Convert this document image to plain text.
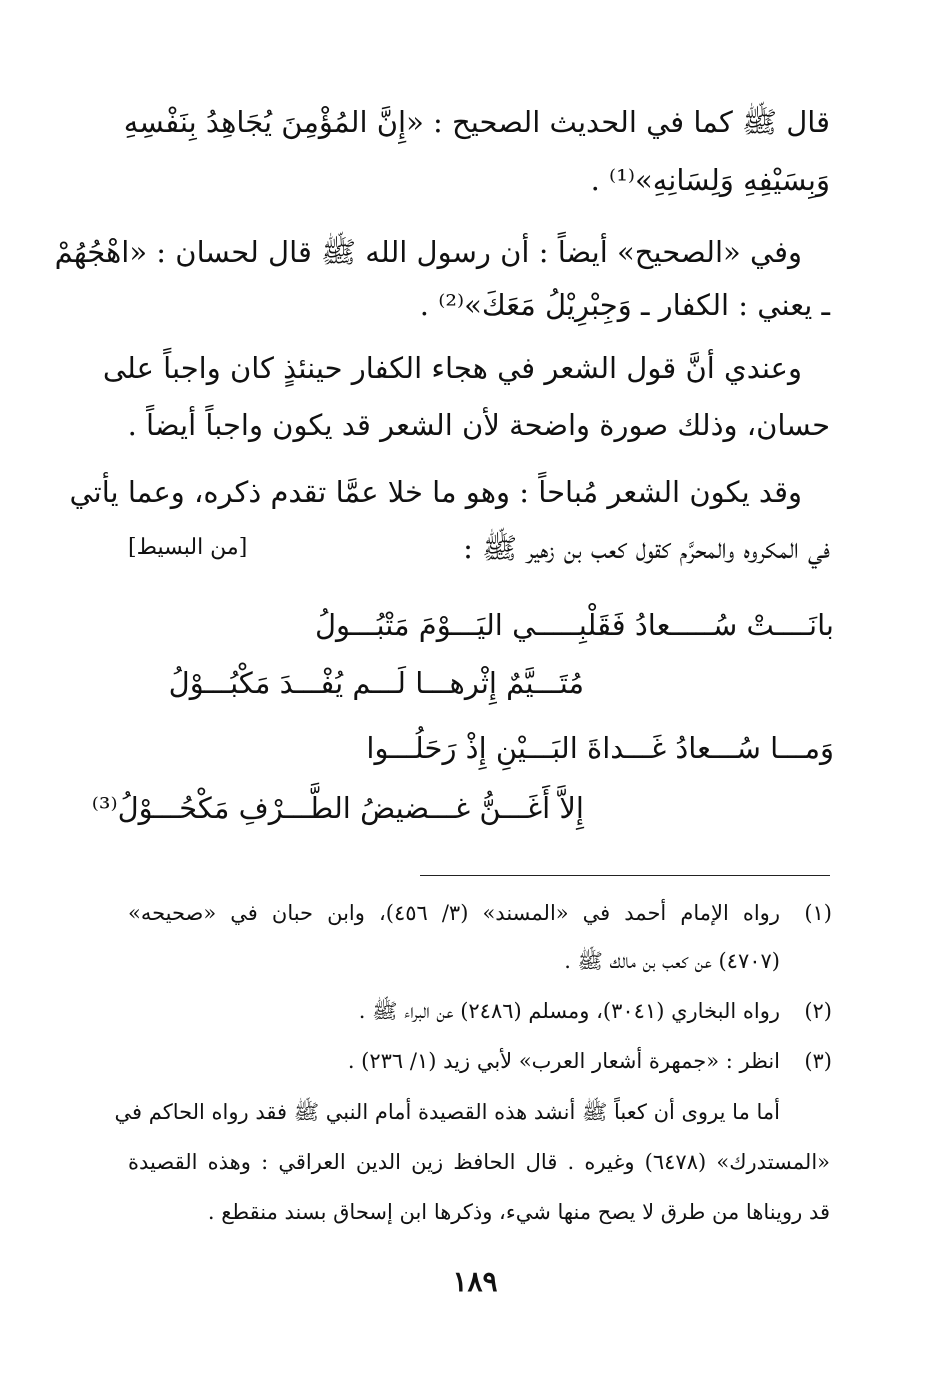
قال ﷺ كما في الحديث الصحيح : «إِنَّ المُؤْمِنَ يُجَاهِدُ بِنَفْسِهِ
وَبِسَيْفِهِ وَلِسَانِهِ»⁽¹⁾ .
وفي «الصحيح» أيضاً : أن رسول الله ﷺ قال لحسان : «اهْجُهُمْ
ـ يعني : الكفار ـ وَجِبْرِيْلُ مَعَكَ»⁽²⁾ .
وعندي أنَّ قول الشعر في هجاء الكفار حينئذٍ كان واجباً على
حسان، وذلك صورة واضحة لأن الشعر قد يكون واجباً أيضاً .
وقد يكون الشعر مُباحاً : وهو ما خلا عمَّا تقدم ذكره، وعما يأتي
في المكروه والمحرَّم كقول كعب بن زهير ﷺ :
[من البسيط]
بانَــــتْ سُـــــعادُ فَقَلْبِـــــي اليَـــوْمَ مَتْبُـــولُ
مُتَـــيَّمٌ إِثْرهـــا لَـــم يُفْـــدَ مَكْبُـــوْلُ
وَمـــا سُـــعادُ غَـــداةَ البَـــيْنِ إِذْ رَحَلُـــوا
إِلاَّ أَغَـــنُّ غـــضيضُ الطَّـــرْفِ مَكْحُـــوْلُ⁽³⁾
(١)
رواه الإمام أحمد في «المسند» (٣/ ٤٥٦)، وابن حبان في «صحيحه»
(٤٧٠٧) عن كعب بن مالك ﷺ .
(٢)
رواه البخاري (٣٠٤١)، ومسلم (٢٤٨٦) عن البراء ﷺ .
(٣)
انظر : «جمهرة أشعار العرب» لأبي زيد (١/ ٢٣٦) .
أما ما يروى أن كعباً ﷺ أنشد هذه القصيدة أمام النبي ﷺ فقد رواه الحاكم في
«المستدرك» (٦٤٧٨) وغيره . قال الحافظ زين الدين العراقي : وهذه القصيدة
قد رويناها من طرق لا يصح منها شيء، وذكرها ابن إسحاق بسند منقطع .
١٨٩
